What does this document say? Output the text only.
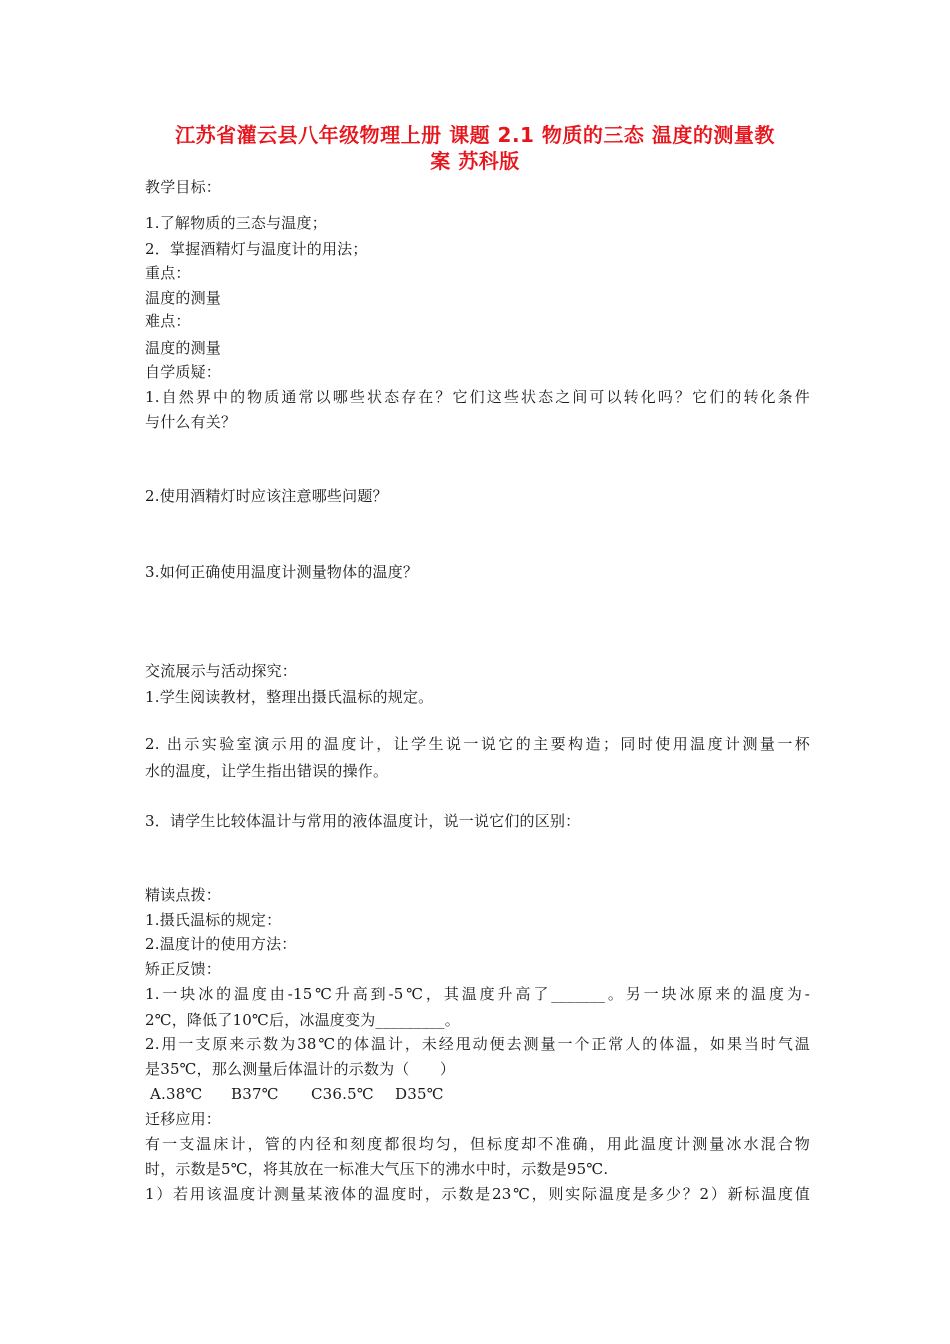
江苏省灌云县八年级物理上册 课题 2.1 物质的三态 温度的测量教
案 苏科版
教学目标：
1.了解物质的三态与温度；
2．掌握酒精灯与温度计的用法；
重点：
温度的测量
难点：
温度的测量
自学质疑：
1.自然界中的物质通常以哪些状态存在？它们这些状态之间可以转化吗？它们的转化条件
与什么有关？
2.使用酒精灯时应该注意哪些问题？
3.如何正确使用温度计测量物体的温度？
交流展示与活动探究：
1.学生阅读教材，整理出摄氏温标的规定。
2. 出示实验室演示用的温度计，让学生说一说它的主要构造；同时使用温度计测量一杯
水的温度，让学生指出错误的操作。
3．请学生比较体温计与常用的液体温度计，说一说它们的区别：
精读点拨：
1.摄氏温标的规定：
2.温度计的使用方法：
矫正反馈：
1.一块冰的温度由-15℃升高到-5℃，其温度升高了_______。另一块冰原来的温度为-
2℃，降低了10℃后，冰温度变为_________。
2.用一支原来示数为38℃的体温计，未经甩动便去测量一个正常人的体温，如果当时气温
是35℃，那么测量后体温计的示数为（　　）
A.38℃ B37℃ C36.5℃ D35℃
迁移应用：
有一支温床计，管的内径和刻度都很均匀，但标度却不准确，用此温度计测量冰水混合物
时，示数是5℃，将其放在一标准大气压下的沸水中时，示数是95℃.
1）若用该温度计测量某液体的温度时，示数是23℃，则实际温度是多少？2）新标温度值
